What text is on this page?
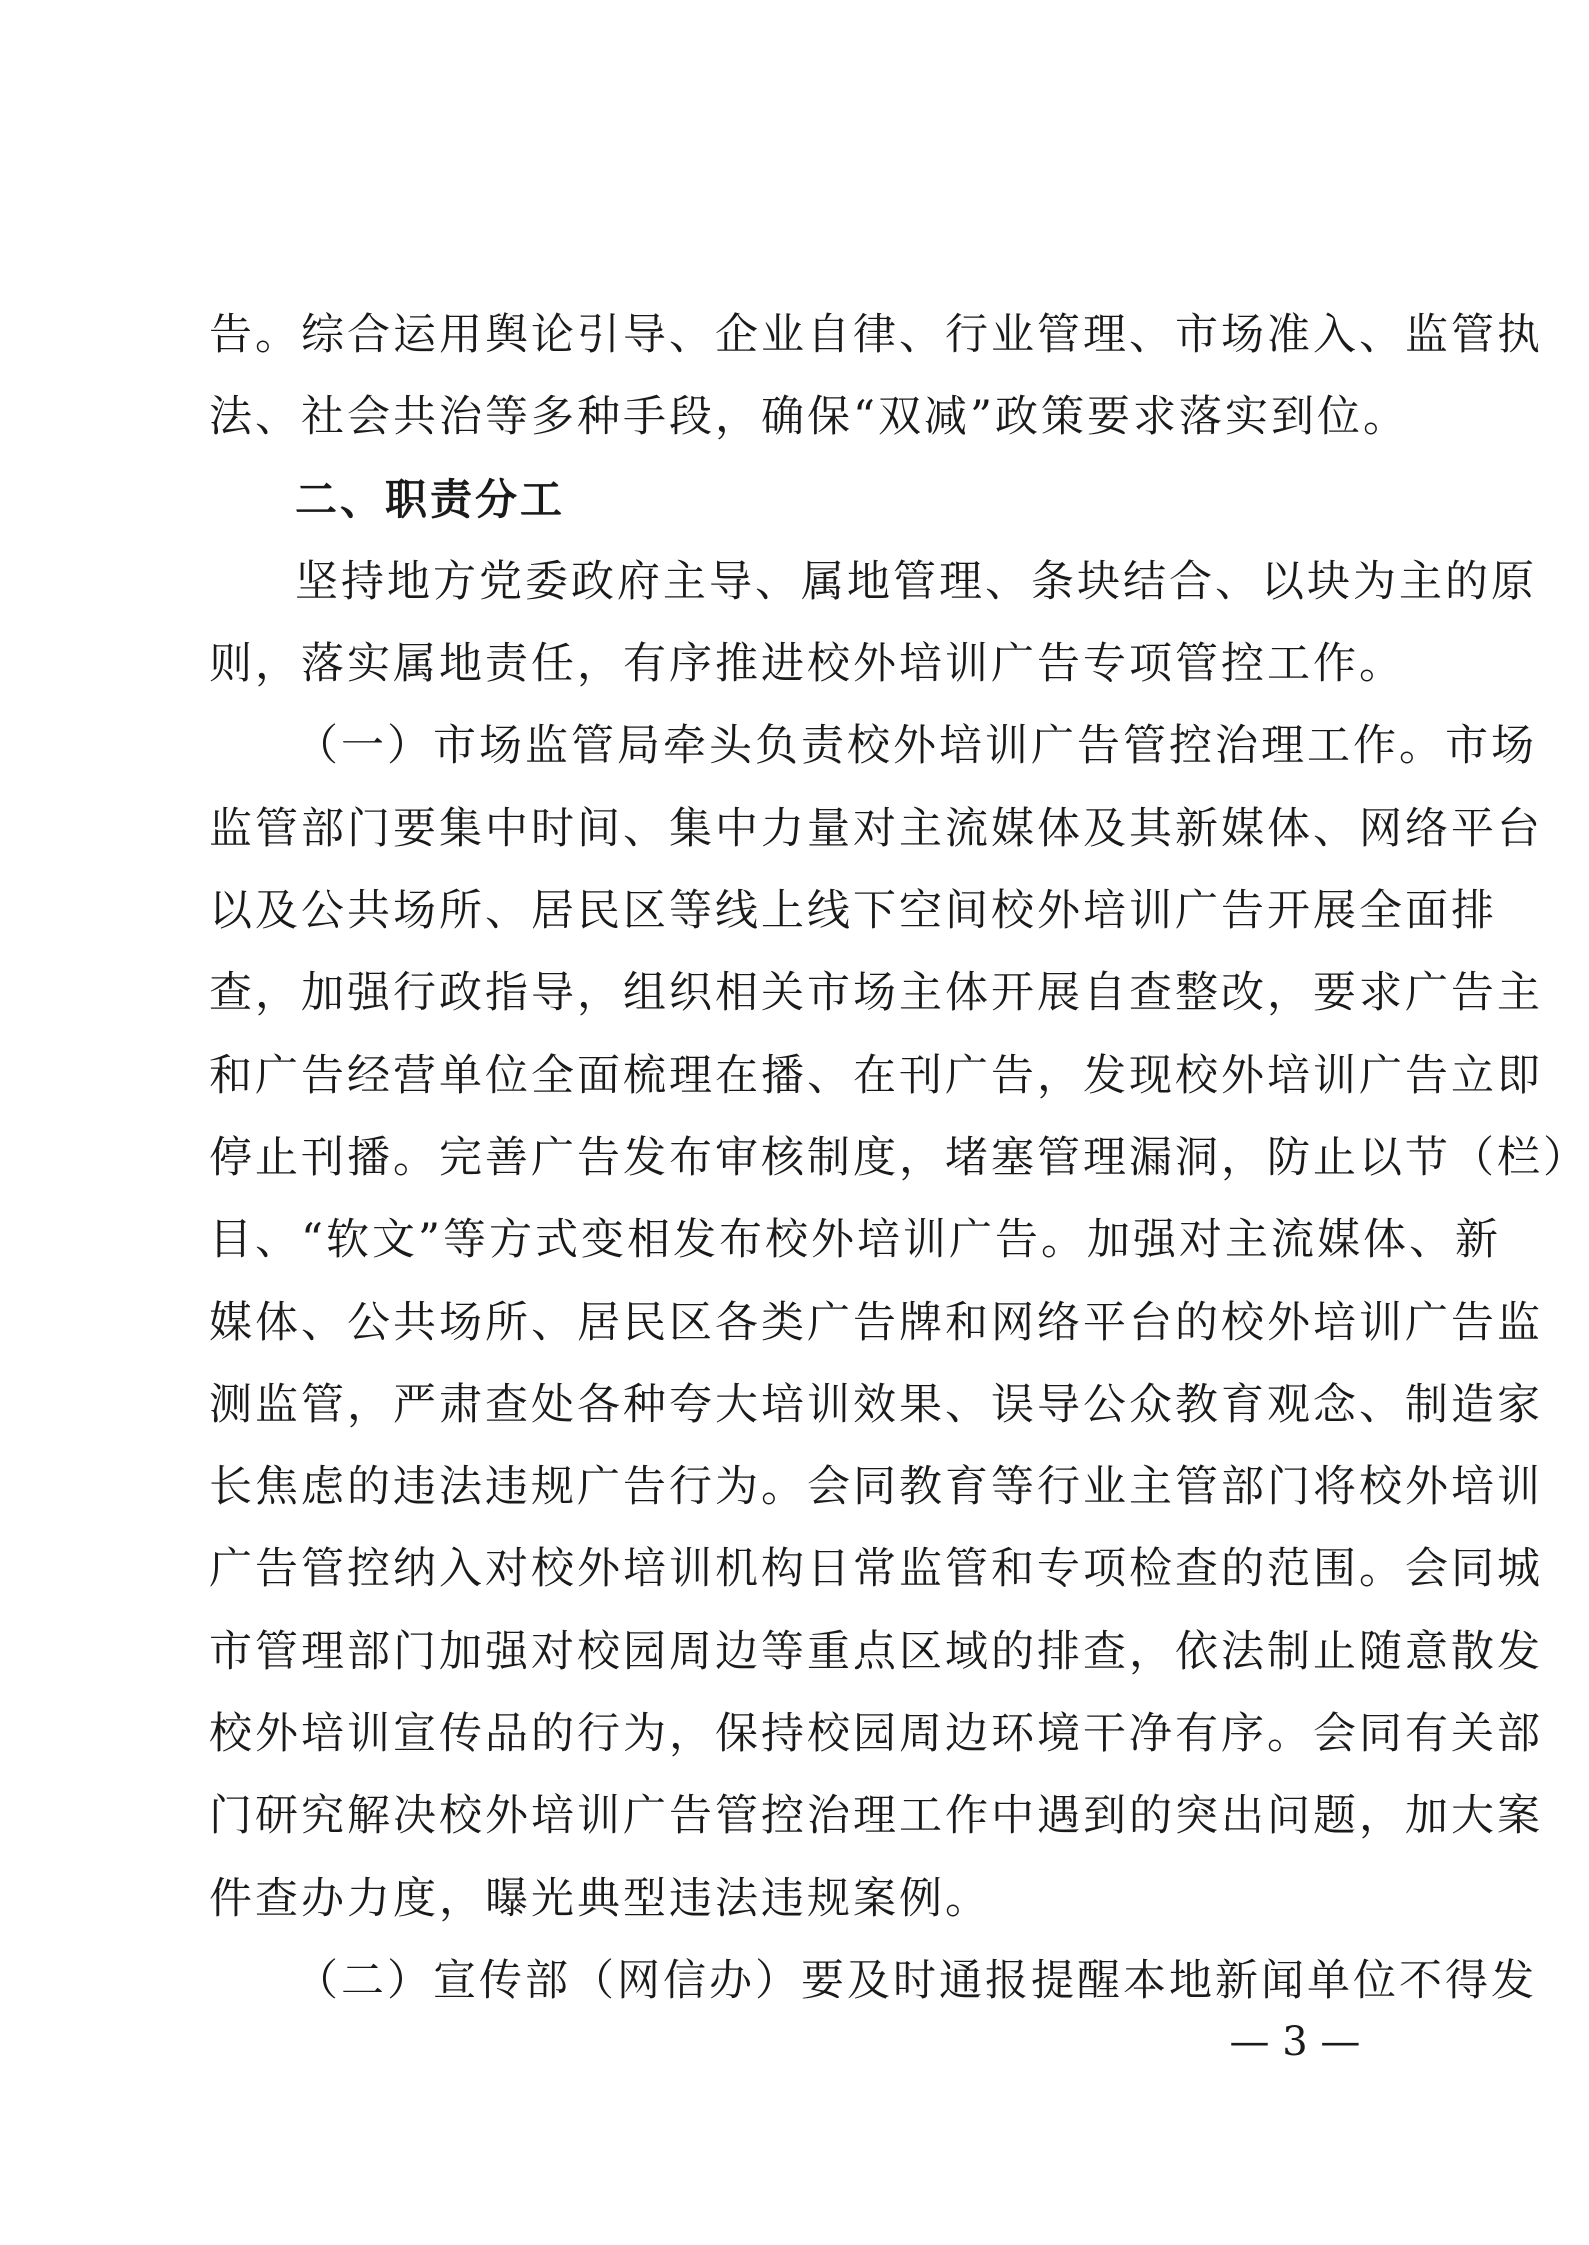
告。综合运用舆论引导、企业自律、行业管理、市场准入、监管执
法、社会共治等多种手段，确保“双减”政策要求落实到位。
二、职责分工
坚持地方党委政府主导、属地管理、条块结合、以块为主的原
则，落实属地责任，有序推进校外培训广告专项管控工作。
（一）市场监管局牵头负责校外培训广告管控治理工作。市场
监管部门要集中时间、集中力量对主流媒体及其新媒体、网络平台
以及公共场所、居民区等线上线下空间校外培训广告开展全面排
查，加强行政指导，组织相关市场主体开展自查整改，要求广告主
和广告经营单位全面梳理在播、在刊广告，发现校外培训广告立即
停止刊播。完善广告发布审核制度，堵塞管理漏洞，防止以节（栏）
目、“软文”等方式变相发布校外培训广告。加强对主流媒体、新
媒体、公共场所、居民区各类广告牌和网络平台的校外培训广告监
测监管，严肃查处各种夸大培训效果、误导公众教育观念、制造家
长焦虑的违法违规广告行为。会同教育等行业主管部门将校外培训
广告管控纳入对校外培训机构日常监管和专项检查的范围。会同城
市管理部门加强对校园周边等重点区域的排查，依法制止随意散发
校外培训宣传品的行为，保持校园周边环境干净有序。会同有关部
门研究解决校外培训广告管控治理工作中遇到的突出问题，加大案
件查办力度，曝光典型违法违规案例。
（二）宣传部（网信办）要及时通报提醒本地新闻单位不得发
— 3 —
